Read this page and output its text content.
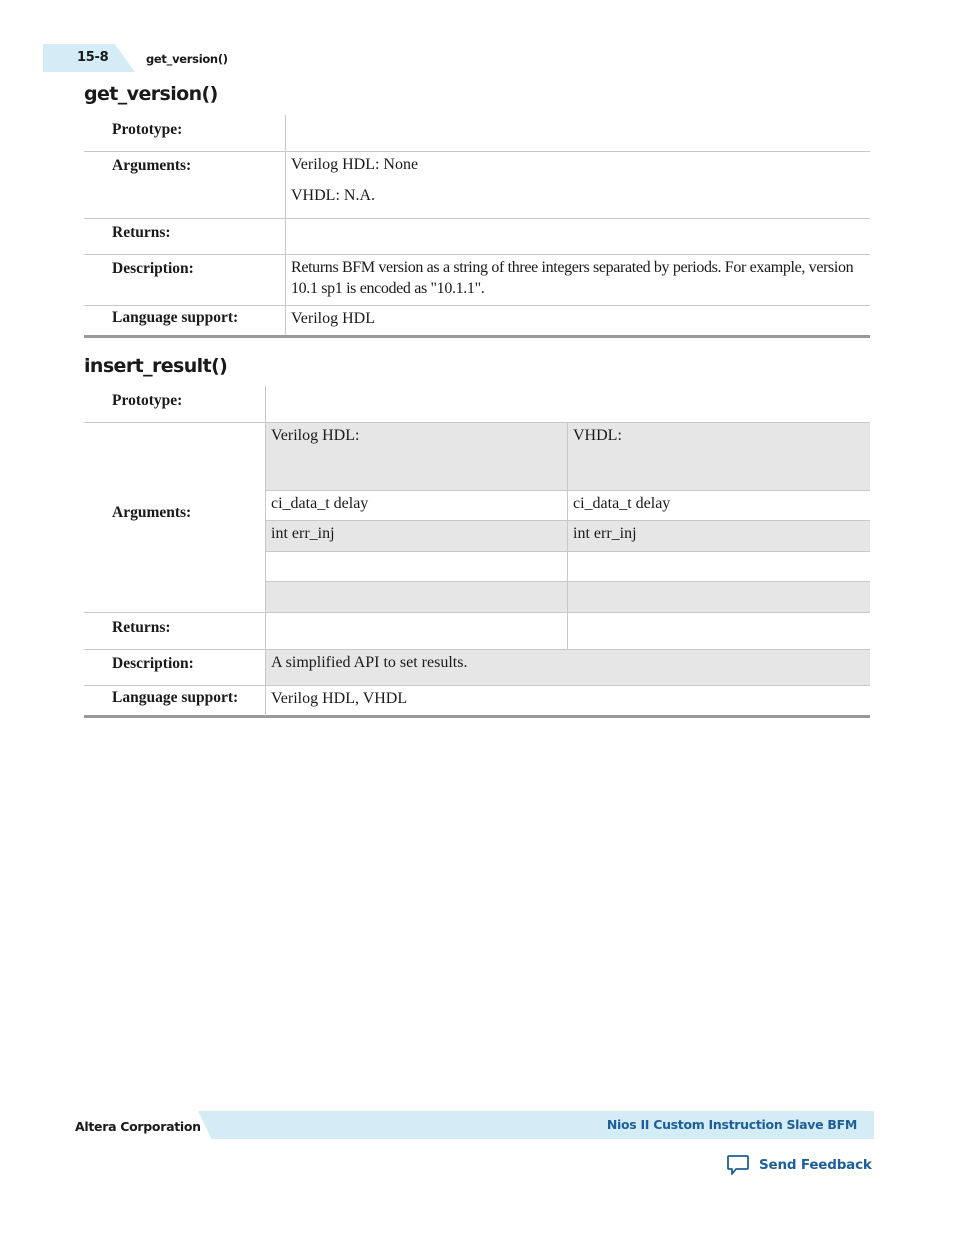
15-8	get_version()
get_version()
Prototype:
Arguments:	Verilog HDL: None
VHDL: N.A.
Returns:
Description:	Returns BFM version as a string of three integers separated by periods. For example, version 10.1 sp1 is encoded as "10.1.1".
Language support:	Verilog HDL
insert_result()
Prototype:
Arguments:
Verilog HDL:	VHDL:
ci_data_t delay	ci_data_t delay
int err_inj	int err_inj
Returns:
Description:	A simplified API to set results.
Language support: Verilog HDL, VHDL
Altera Corporation	Nios II Custom Instruction Slave BFM
Send Feedback
